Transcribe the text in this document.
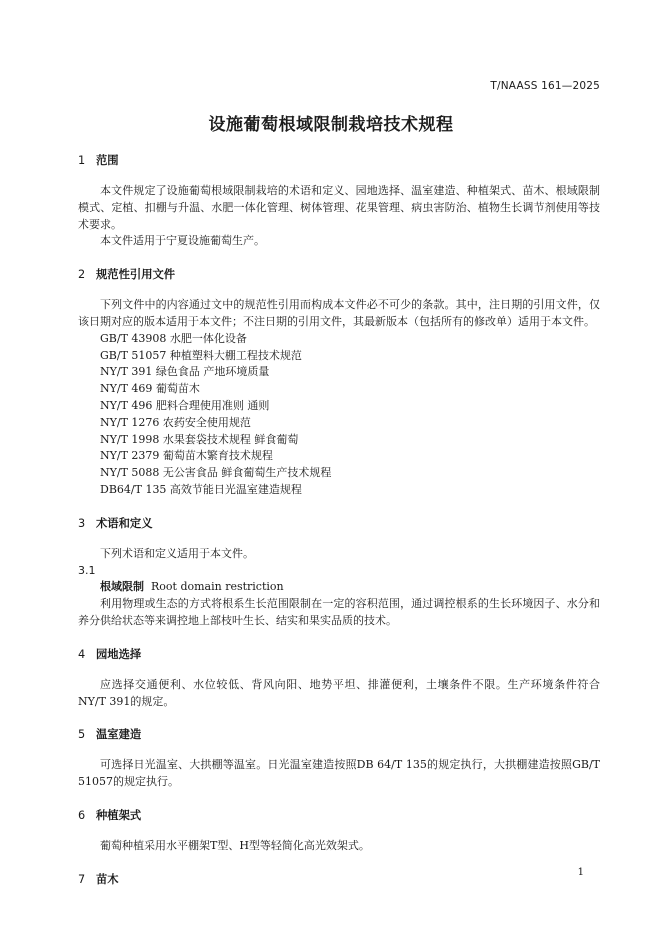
T/NAASS 161—2025
设施葡萄根域限制栽培技术规程

1 范围

本文件规定了设施葡萄根域限制栽培的术语和定义、园地选择、温室建造、种植架式、苗木、根域限制模式、定植、扣棚与升温、水肥一体化管理、树体管理、花果管理、病虫害防治、植物生长调节剂使用等技术要求。

本文件适用于宁夏设施葡萄生产。

2 规范性引用文件

下列文件中的内容通过文中的规范性引用而构成本文件必不可少的条款。其中，注日期的引用文件，仅该日期对应的版本适用于本文件；不注日期的引用文件，其最新版本（包括所有的修改单）适用于本文件。

GB/T 43908 水肥一体化设备

GB/T 51057 种植塑料大棚工程技术规范

NY/T 391 绿色食品 产地环境质量

NY/T 469 葡萄苗木

NY/T 496 肥料合理使用准则 通则

NY/T 1276 农药安全使用规范

NY/T 1998 水果套袋技术规程 鲜食葡萄

NY/T 2379 葡萄苗木繁育技术规程

NY/T 5088 无公害食品 鲜食葡萄生产技术规程

DB64/T 135 高效节能日光温室建造规程

3 术语和定义

下列术语和定义适用于本文件。

3.1

根域限制 Root domain restriction

利用物理或生态的方式将根系生长范围限制在一定的容积范围，通过调控根系的生长环境因子、水分和养分供给状态等来调控地上部枝叶生长、结实和果实品质的技术。

4 园地选择

应选择交通便利、水位较低、背风向阳、地势平坦、排灌便利，土壤条件不限。生产环境条件符合NY/T 391的规定。

5 温室建造

可选择日光温室、大拱棚等温室。日光温室建造按照DB 64/T 135的规定执行，大拱棚建造按照GB/T 51057的规定执行。

6 种植架式

葡萄种植采用水平棚架T型、H型等轻简化高光效架式。

7 苗木

1
